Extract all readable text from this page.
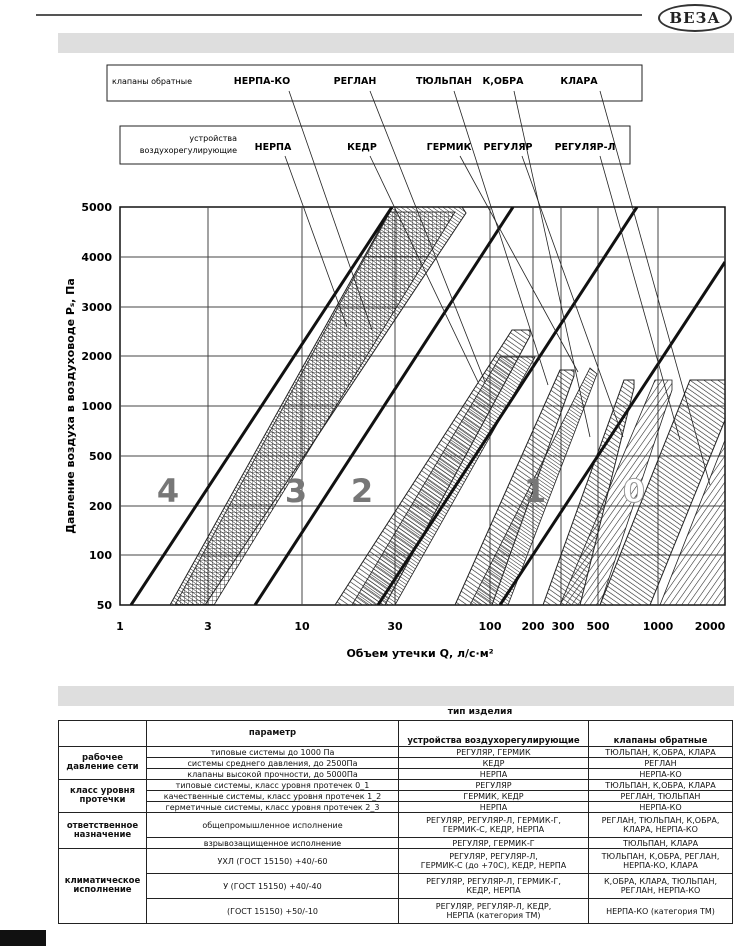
ВЕЗА
клапаны обратные	НЕРПА-КО	РЕГЛАН	ТЮЛЬПАН К,ОБРА	КЛАРА
устройства
воздухорегулирующие НЕРПА	КЕДР	ГЕРМИК РЕГУЛЯР РЕГУЛЯР-Л
4	3 2	1 0
5000
4000
3000
2000
1000
500
200
100
50
1	3	10	30	100 200 300 500	1000 2000
Объем утечки Q, л/с·м²
Давление воздуха в воздуховоде Pₛ, Па
тип изделия
	параметр	устройства воздухорегулирующие	клапаны обратные
рабочее
давление сети	типовые системы до 1000 Па	РЕГУЛЯР, ГЕРМИК	ТЮЛЬПАН, К,ОБРА, КЛАРА
	системы среднего давления, до 2500Па	КЕДР	РЕГЛАН
	клапаны высокой прочности, до 5000Па	НЕРПА	НЕРПА-КО
класс уровня
протечки	типовые системы, класс уровня протечек 0_1	РЕГУЛЯР	ТЮЛЬПАН, К,ОБРА, КЛАРА
	качественные системы, класс уровня протечек 1_2	ГЕРМИК, КЕДР	РЕГЛАН, ТЮЛЬПАН
	герметичные системы, класс уровня протечек 2_3	НЕРПА	НЕРПА-КО
ответственное
назначение	общепромышленное исполнение	РЕГУЛЯР, РЕГУЛЯР-Л, ГЕРМИК-Г,
ГЕРМИК-С, КЕДР, НЕРПА	РЕГЛАН, ТЮЛЬПАН, К,ОБРА,
КЛАРА, НЕРПА-КО
	взрывозащищенное исполнение	РЕГУЛЯР, ГЕРМИК-Г	ТЮЛЬПАН, КЛАРА
климатическое
исполнение	УХЛ (ГОСТ 15150) +40/-60	РЕГУЛЯР, РЕГУЛЯР-Л,
ГЕРМИК-С (до +70С), КЕДР, НЕРПА	ТЮЛЬПАН, К,ОБРА, РЕГЛАН,
НЕРПА-КО, КЛАРА
	У (ГОСТ 15150) +40/-40	РЕГУЛЯР, РЕГУЛЯР-Л, ГЕРМИК-Г,
КЕДР, НЕРПА	К,ОБРА, КЛАРА, ТЮЛЬПАН,
РЕГЛАН, НЕРПА-КО
	(ГОСТ 15150) +50/-10	РЕГУЛЯР, РЕГУЛЯР-Л, КЕДР,
НЕРПА (категория ТМ)	НЕРПА-КО (категория ТМ)
